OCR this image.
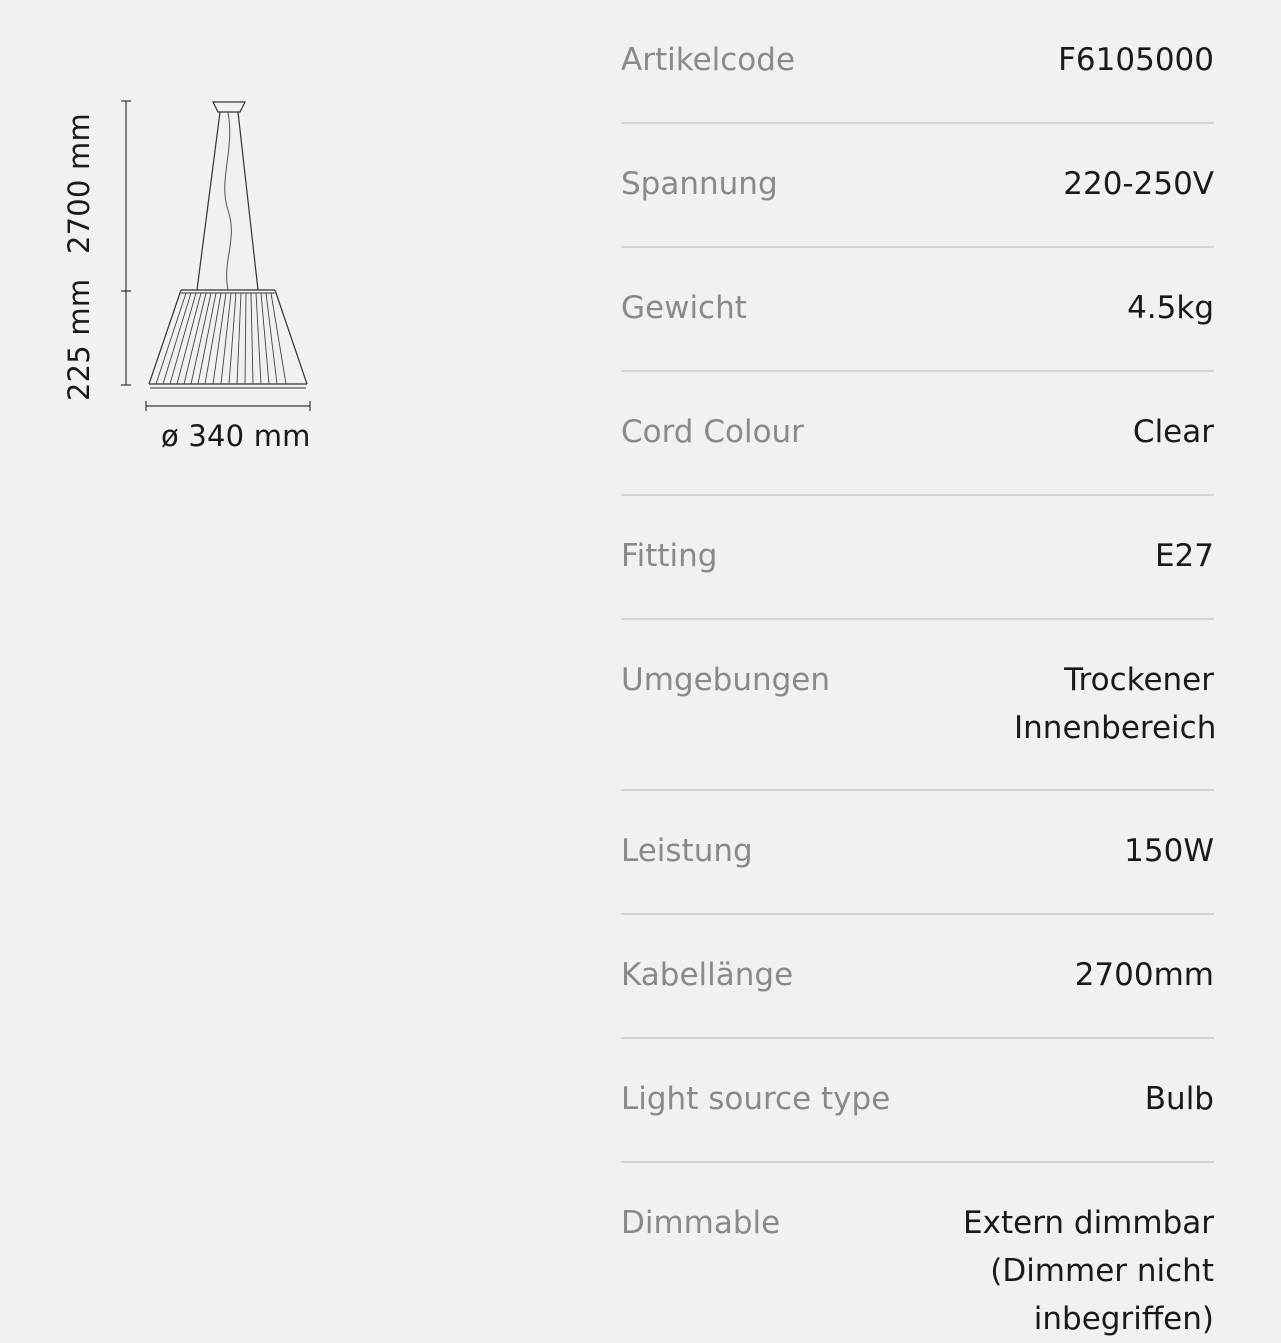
2700 mm
225 mm
ø 340 mm
Artikelcode	F6105000
Spannung	220-250V
Gewicht	4.5kg
Cord Colour	Clear
Fitting	E27
Umgebungen	Trockener Innenbereich
Leistung	150W
Kabellänge	2700mm
Light source type	Bulb
Dimmable	Extern dimmbar (Dimmer nicht inbegriffen)
